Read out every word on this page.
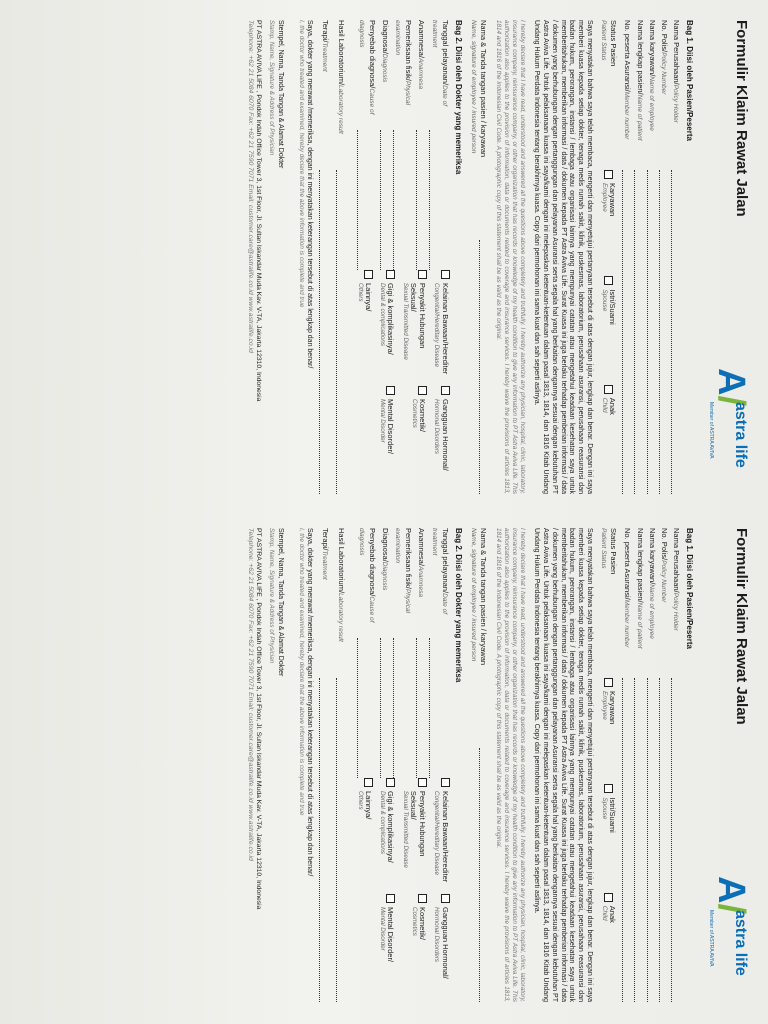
Formulir Klaim Rawat Jalan
A/
astra life
Member of ASTRA AVIVA
Bag 1. Diisi oleh Pasien/Peserta
Nama Perusahaan/Policy Holder
No. Polis/Policy Number
Nama karyawan/Name of employee
Nama lengkap pasien/Name of patient
No. peserta Asuransi/Member number
Status Pasien
Patient Status
Karyawan
Employee
Istri/Suami
Spouse
Anak
Child
Saya menyatakan bahwa saya telah membaca, mengerti dan menyetujui pertanyaan tersebut di atas dengan jujur, lengkap dan benar. Dengan ini saya memberi kuasa kepada setiap dokter, tenaga medis rumah sakit, klinik, puskesmas, laboratorium, perusahaan asuransi, perusahaan reasuransi dan badan hukum, perorangan, instansi / lembaga atau organisasi lainnya yang mempunyai catatan atau mengetahui keadaan kesehatan saya untuk memberitahukan, memberikan informasi / data / dokumen kepada PT Astra Aviva Life. Surat Kuasa ini juga berlaku terhadap pemberian informasi / data / dokumen yang berhubungan dengan pertanggungan dan pelayanan Asuransi serta segala hal yang berkaitan dengannya sesuai dengan kebutuhan PT Astra Aviva Life. Untuk pelaksanaan kuasa ini saya/kami dengan ini melepaskan ketentuan-ketentuan dalam pasal 1813, 1814, dan 1816 Kitab Undang Undang Hukum Perdata Indonesia tentang berakhirnya kuasa. Copy dari permohonan ini sama kuat dan sah seperti aslinya.
I hereby declare that I have read, understood and answered all the questions above completely and truthfully. I hereby authorize any physician, hospital, clinic, laboratory, insurance company, reinsurance company, or other organization that has records or knowledge of my health condition to give any information to PT Astra Aviva Life. This authorization also applies to the provision of information, data or documents related to coverage and insurance services. I hereby waive the provisions of articles 1813, 1814 and 1816 of the Indonesian Civil Code. A photographic copy of this statement shall be as valid as the original.
Nama & Tanda tangan pasien / karyawan
Name, signature of employee / insured person
Bag 2. Diisi oleh Dokter yang memeriksa
Tanggal pelayanan/Date of treatment
Anamnesa/Anamnesa
Pemeriksaan fisik/Physical examination
Diagnosa/Diagnosis
Penyebab diagnosa/Cause of diagnosis
Kelainan Bawaan/Herediter
Congenital/Hereditary Disease
Gangguan Hormonal/
Hormonal Disorders
Penyakit Hubungan Seksual/
Sexual Transmitted Disease
Kosmetik/
Cosmetics
Gigi & komplikasinya/
Dental & complications
Mental Disorder/
Mental Disorder
Lainnya/
Others
Hasil Laboratorium/Laboratory result
Terapi/Treatment
Saya, dokter yang merawat /memeriksa, dengan ini menyatakan keterangan tersebut di atas lengkap dan benar/
I, the doctor who treated and examined, hereby declare that the above information is complete and true
Stempel, Nama, Tanda Tangan & Alamat Dokter
Stamp, Name, Signature & Address of Physician
PT ASTRA AVIVA LIFE , Pondok Indah Office Tower 3, 1st Floor, Jl. Sultan Iskandar Muda Kav. V-TA, Jakarta 12310, Indonesia
Telephone: +62 21 5084 6070 Fax: +62 21 7590 7071 Email: customer.care@astralife.co.id www.astralife.co.id
Formulir Klaim Rawat Jalan
A/
astra life
Member of ASTRA AVIVA
Bag 1. Diisi oleh Pasien/Peserta
Nama Perusahaan/Policy Holder
No. Polis/Policy Number
Nama karyawan/Name of employee
Nama lengkap pasien/Name of patient
No. peserta Asuransi/Member number
Status Pasien
Patient Status
Karyawan
Employee
Istri/Suami
Spouse
Anak
Child
Saya menyatakan bahwa saya telah membaca, mengerti dan menyetujui pertanyaan tersebut di atas dengan jujur, lengkap dan benar. Dengan ini saya memberi kuasa kepada setiap dokter, tenaga medis rumah sakit, klinik, puskesmas, laboratorium, perusahaan asuransi, perusahaan reasuransi dan badan hukum, perorangan, instansi / lembaga atau organisasi lainnya yang mempunyai catatan atau mengetahui keadaan kesehatan saya untuk memberitahukan, memberikan informasi / data / dokumen kepada PT Astra Aviva Life. Surat Kuasa ini juga berlaku terhadap pemberian informasi / data / dokumen yang berhubungan dengan pertanggungan dan pelayanan Asuransi serta segala hal yang berkaitan dengannya sesuai dengan kebutuhan PT Astra Aviva Life. Untuk pelaksanaan kuasa ini saya/kami dengan ini melepaskan ketentuan-ketentuan dalam pasal 1813, 1814, dan 1816 Kitab Undang Undang Hukum Perdata Indonesia tentang berakhirnya kuasa. Copy dari permohonan ini sama kuat dan sah seperti aslinya.
I hereby declare that I have read, understood and answered all the questions above completely and truthfully. I hereby authorize any physician, hospital, clinic, laboratory, insurance company, reinsurance company, or other organization that has records or knowledge of my health condition to give any information to PT Astra Aviva Life. This authorization also applies to the provision of information, data or documents related to coverage and insurance services. I hereby waive the provisions of articles 1813, 1814 and 1816 of the Indonesian Civil Code. A photographic copy of this statement shall be as valid as the original.
Nama & Tanda tangan pasien / karyawan
Name, signature of employee / insured person
Bag 2. Diisi oleh Dokter yang memeriksa
Tanggal pelayanan/Date of treatment
Anamnesa/Anamnesa
Pemeriksaan fisik/Physical examination
Diagnosa/Diagnosis
Penyebab diagnosa/Cause of diagnosis
Kelainan Bawaan/Herediter
Congenital/Hereditary Disease
Gangguan Hormonal/
Hormonal Disorders
Penyakit Hubungan Seksual/
Sexual Transmitted Disease
Kosmetik/
Cosmetics
Gigi & komplikasinya/
Dental & complications
Mental Disorder/
Mental Disorder
Lainnya/
Others
Hasil Laboratorium/Laboratory result
Terapi/Treatment
Saya, dokter yang merawat /memeriksa, dengan ini menyatakan keterangan tersebut di atas lengkap dan benar/
I, the doctor who treated and examined, hereby declare that the above information is complete and true
Stempel, Nama, Tanda Tangan & Alamat Dokter
Stamp, Name, Signature & Address of Physician
PT ASTRA AVIVA LIFE , Pondok Indah Office Tower 3, 1st Floor, Jl. Sultan Iskandar Muda Kav. V-TA, Jakarta 12310, Indonesia
Telephone: +62 21 5084 6070 Fax: +62 21 7590 7071 Email: customer.care@astralife.co.id www.astralife.co.id
